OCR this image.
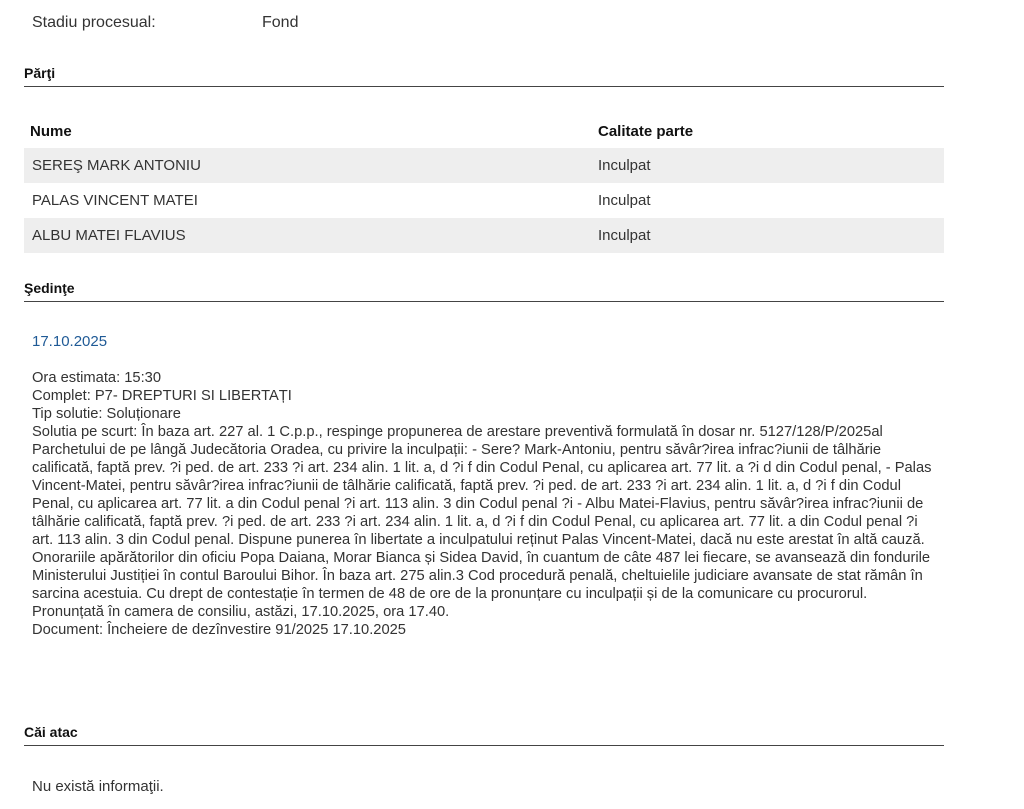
Stadiu procesual:	Fond
Părţi
Nume	Calitate parte
SEREŞ MARK ANTONIU	Inculpat
PALAS VINCENT MATEI	Inculpat
ALBU MATEI FLAVIUS	Inculpat
Şedinţe
17.10.2025
Ora estimata: 15:30
Complet: P7- DREPTURI SI LIBERTAȚI
Tip solutie: Soluționare
Solutia pe scurt: În baza art. 227 al. 1 C.p.p., respinge propunerea de arestare preventivă formulată în dosar nr. 5127/128/P/2025al Parchetului de pe lângă Judecătoria Oradea, cu privire la inculpații: - Sere? Mark-Antoniu, pentru săvâr?irea infrac?iunii de tâlhărie calificată, faptă prev. ?i ped. de art. 233 ?i art. 234 alin. 1 lit. a, d ?i f din Codul Penal, cu aplicarea art. 77 lit. a ?i d din Codul penal, - Palas Vincent-Matei, pentru săvâr?irea infrac?iunii de tâlhărie calificată, faptă prev. ?i ped. de art. 233 ?i art. 234 alin. 1 lit. a, d ?i f din Codul Penal, cu aplicarea art. 77 lit. a din Codul penal ?i art. 113 alin. 3 din Codul penal ?i - Albu Matei-Flavius, pentru săvâr?irea infrac?iunii de tâlhărie calificată, faptă prev. ?i ped. de art. 233 ?i art. 234 alin. 1 lit. a, d ?i f din Codul Penal, cu aplicarea art. 77 lit. a din Codul penal ?i art. 113 alin. 3 din Codul penal. Dispune punerea în libertate a inculpatului reținut Palas Vincent-Matei, dacă nu este arestat în altă cauză. Onorariile apărătorilor din oficiu Popa Daiana, Morar Bianca și Sidea David, în cuantum de câte 487 lei fiecare, se avansează din fondurile Ministerului Justiției în contul Baroului Bihor. În baza art. 275 alin.3 Cod procedură penală, cheltuielile judiciare avansate de stat rămân în sarcina acestuia. Cu drept de contestație în termen de 48 de ore de la pronunțare cu inculpații și de la comunicare cu procurorul. Pronunțată în camera de consiliu, astăzi, 17.10.2025, ora 17.40.
Document: Încheiere de dezînvestire 91/2025 17.10.2025
Căi atac
Nu există informaţii.
